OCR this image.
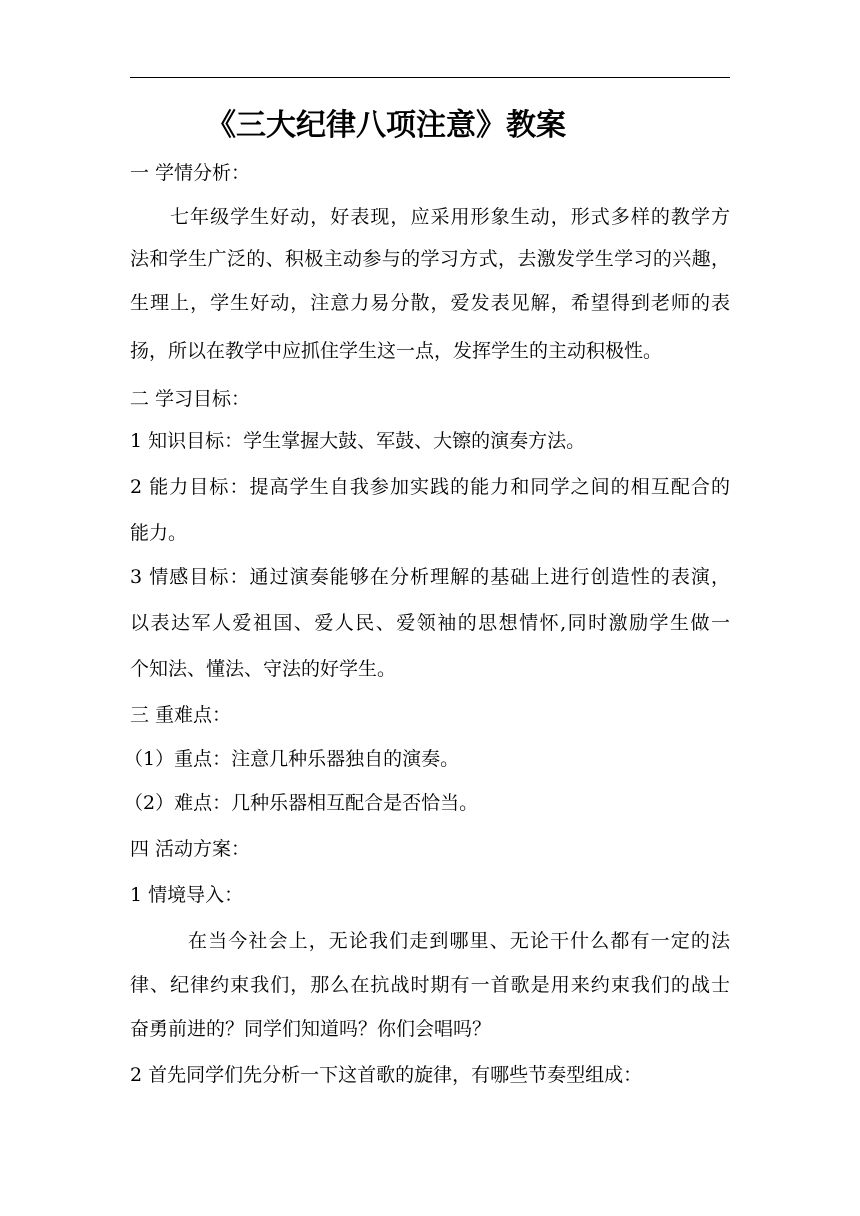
《三大纪律八项注意》教案

一 学情分析：

七年级学生好动，好表现，应采用形象生动，形式多样的教学方

法和学生广泛的、积极主动参与的学习方式，去激发学生学习的兴趣，

生理上，学生好动，注意力易分散，爱发表见解，希望得到老师的表

扬，所以在教学中应抓住学生这一点，发挥学生的主动积极性。

二 学习目标：

1 知识目标：学生掌握大鼓、军鼓、大镲的演奏方法。

2 能力目标：提高学生自我参加实践的能力和同学之间的相互配合的

能力。

3 情感目标：通过演奏能够在分析理解的基础上进行创造性的表演，

以表达军人爱祖国、爱人民、爱领袖的思想情怀,同时激励学生做一

个知法、懂法、守法的好学生。

三 重难点：

（1）重点：注意几种乐器独自的演奏。

（2）难点：几种乐器相互配合是否恰当。

四 活动方案：

1 情境导入：

在当今社会上，无论我们走到哪里、无论干什么都有一定的法

律、纪律约束我们，那么在抗战时期有一首歌是用来约束我们的战士

奋勇前进的？同学们知道吗？你们会唱吗？

2 首先同学们先分析一下这首歌的旋律，有哪些节奏型组成：
